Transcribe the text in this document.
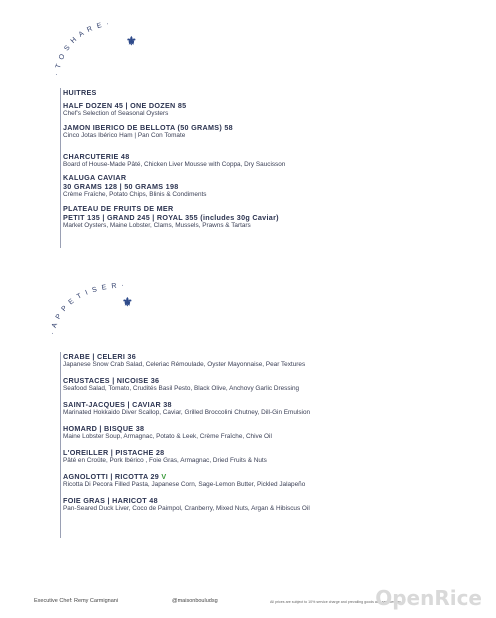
· T O S H A R E ·
⚜
HUITRES
HALF DOZEN 45 | ONE DOZEN 85
Chef's Selection of Seasonal Oysters
JAMON IBERICO DE BELLOTA (50 GRAMS) 58
Cinco Jotas Ibérico Ham | Pan Con Tomate
CHARCUTERIE 48
Board of House-Made Pâté, Chicken Liver Mousse with Coppa, Dry Saucisson
KALUGA CAVIAR
30 GRAMS 128 | 50 GRAMS 198
Crème Fraîche, Potato Chips, Blinis & Condiments
PLATEAU DE FRUITS DE MER
PETIT 135 | GRAND 245 | ROYAL 355 (includes 30g Caviar)
Market Oysters, Maine Lobster, Clams, Mussels, Prawns & Tartars
· A P P E T I S E R ·
⚜
CRABE | CELERI 36
Japanese Snow Crab Salad, Celeriac Rémoulade, Oyster Mayonnaise, Pear Textures
CRUSTACES | NICOISE 36
Seafood Salad, Tomato, Crudités Basil Pesto, Black Olive, Anchovy Garlic Dressing
SAINT-JACQUES | CAVIAR 38
Marinated Hokkaido Diver Scallop, Caviar, Grilled Broccolini Chutney, Dill-Gin Emulsion
HOMARD | BISQUE 38
Maine Lobster Soup, Armagnac, Potato & Leek, Crème Fraîche, Chive Oil
L'OREILLER | PISTACHE 28
Pâté en Croûte, Pork Ibérico , Foie Gras, Armagnac, Dried Fruits & Nuts
AGNOLOTTI | RICOTTA 29 V
Ricotta Di Pecora Filled Pasta, Japanese Corn, Sage-Lemon Butter, Pickled Jalapeño
FOIE GRAS | HARICOT 48
Pan-Seared Duck Liver, Coco de Paimpol, Cranberry, Mixed Nuts, Argan & Hibiscus Oil
Executive Chef: Remy Carmignani	@maisonbouludsg	All prices are subject to 10% service charge and prevailing goods and services tax
OpenRice
